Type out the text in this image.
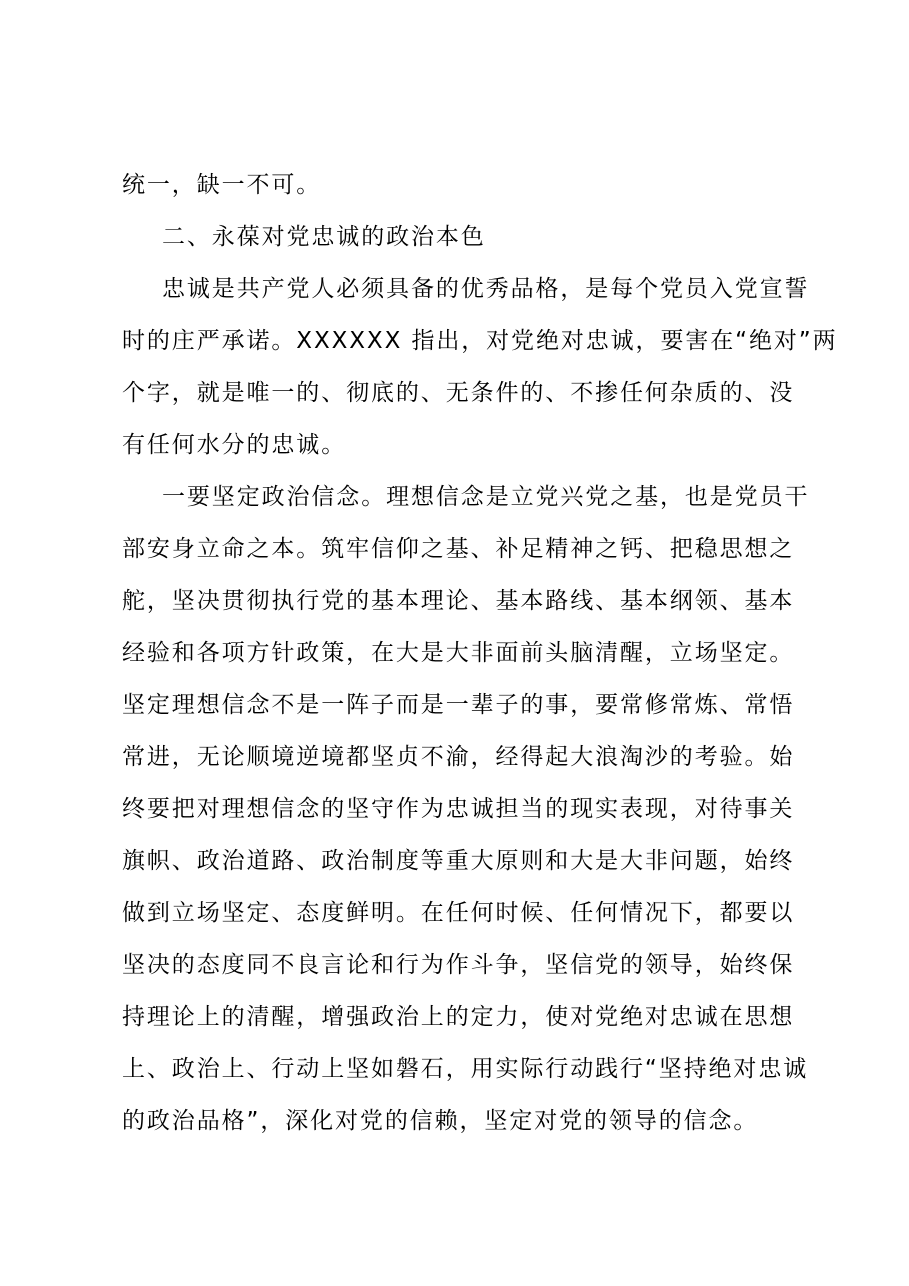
统一，缺一不可。
二、永葆对党忠诚的政治本色
忠诚是共产党人必须具备的优秀品格，是每个党员入党宣誓
时的庄严承诺。XXXXXX 指出，对党绝对忠诚，要害在“绝对”两
个字，就是唯一的、彻底的、无条件的、不掺任何杂质的、没
有任何水分的忠诚。
一要坚定政治信念。理想信念是立党兴党之基，也是党员干
部安身立命之本。筑牢信仰之基、补足精神之钙、把稳思想之
舵，坚决贯彻执行党的基本理论、基本路线、基本纲领、基本
经验和各项方针政策，在大是大非面前头脑清醒，立场坚定。
坚定理想信念不是一阵子而是一辈子的事，要常修常炼、常悟
常进，无论顺境逆境都坚贞不渝，经得起大浪淘沙的考验。始
终要把对理想信念的坚守作为忠诚担当的现实表现，对待事关
旗帜、政治道路、政治制度等重大原则和大是大非问题，始终
做到立场坚定、态度鲜明。在任何时候、任何情况下，都要以
坚决的态度同不良言论和行为作斗争，坚信党的领导，始终保
持理论上的清醒，增强政治上的定力，使对党绝对忠诚在思想
上、政治上、行动上坚如磐石，用实际行动践行“坚持绝对忠诚
的政治品格”，深化对党的信赖，坚定对党的领导的信念。
